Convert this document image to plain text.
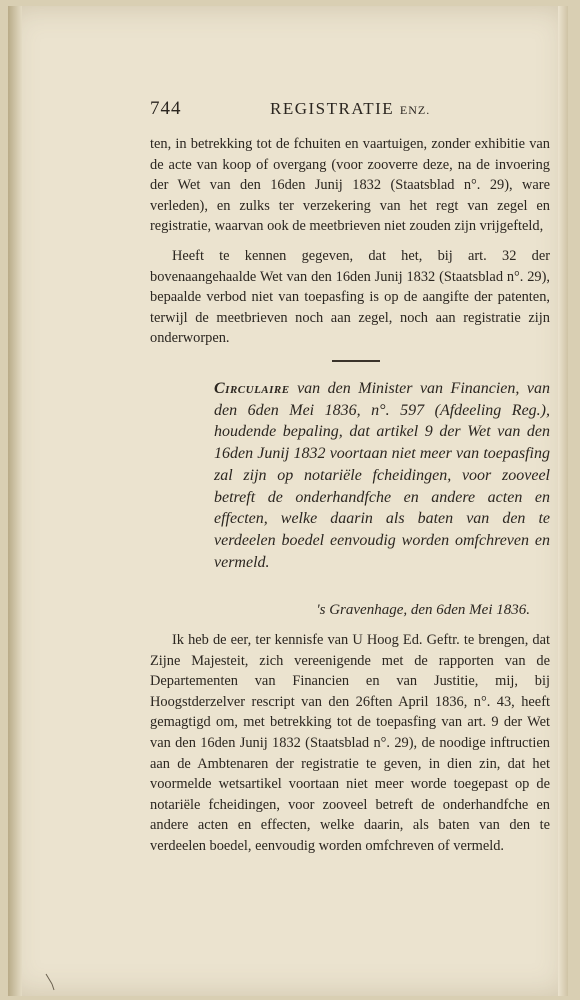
744	REGISTRATIE ENZ.
ten, in betrekking tot de fchuiten en vaartuigen, zonder exhibitie van de acte van koop of overgang (voor zooverre deze, na de invoering der Wet van den 16den Junij 1832 (Staatsblad n°. 29), ware verleden), en zulks ter verzekering van het regt van zegel en registratie, waarvan ook de meetbrieven niet zouden zijn vrijgefteld,
Heeft te kennen gegeven, dat het, bij art. 32 der bovenaangehaalde Wet van den 16den Junij 1832 (Staatsblad n°. 29), bepaalde verbod niet van toepasfing is op de aangifte der patenten, terwijl de meetbrieven noch aan zegel, noch aan registratie zijn onderworpen.
Circulaire van den Minister van Financien, van den 6den Mei 1836, n°. 597 (Afdeeling Reg.), houdende bepaling, dat artikel 9 der Wet van den 16den Junij 1832 voortaan niet meer van toepasfing zal zijn op notariële fcheidingen, voor zooveel betreft de onderhandfche en andere acten en effecten, welke daarin als baten van den te verdeelen boedel eenvoudig worden omfchreven en vermeld.
's Gravenhage, den 6den Mei 1836.
Ik heb de eer, ter kennisfe van U Hoog Ed. Geftr. te brengen, dat Zijne Majesteit, zich vereenigende met de rapporten van de Departementen van Financien en van Justitie, mij, bij Hoogstderzelver rescript van den 26ften April 1836, n°. 43, heeft gemagtigd om, met betrekking tot de toepasfing van art. 9 der Wet van den 16den Junij 1832 (Staatsblad n°. 29), de noodige inftructien aan de Ambtenaren der registratie te geven, in dien zin, dat het voormelde wetsartikel voortaan niet meer worde toegepast op de notariële fcheidingen, voor zooveel betreft de onderhandfche en andere acten en effecten, welke daarin, als baten van den te verdeelen boedel, eenvoudig worden omfchreven of vermeld.
